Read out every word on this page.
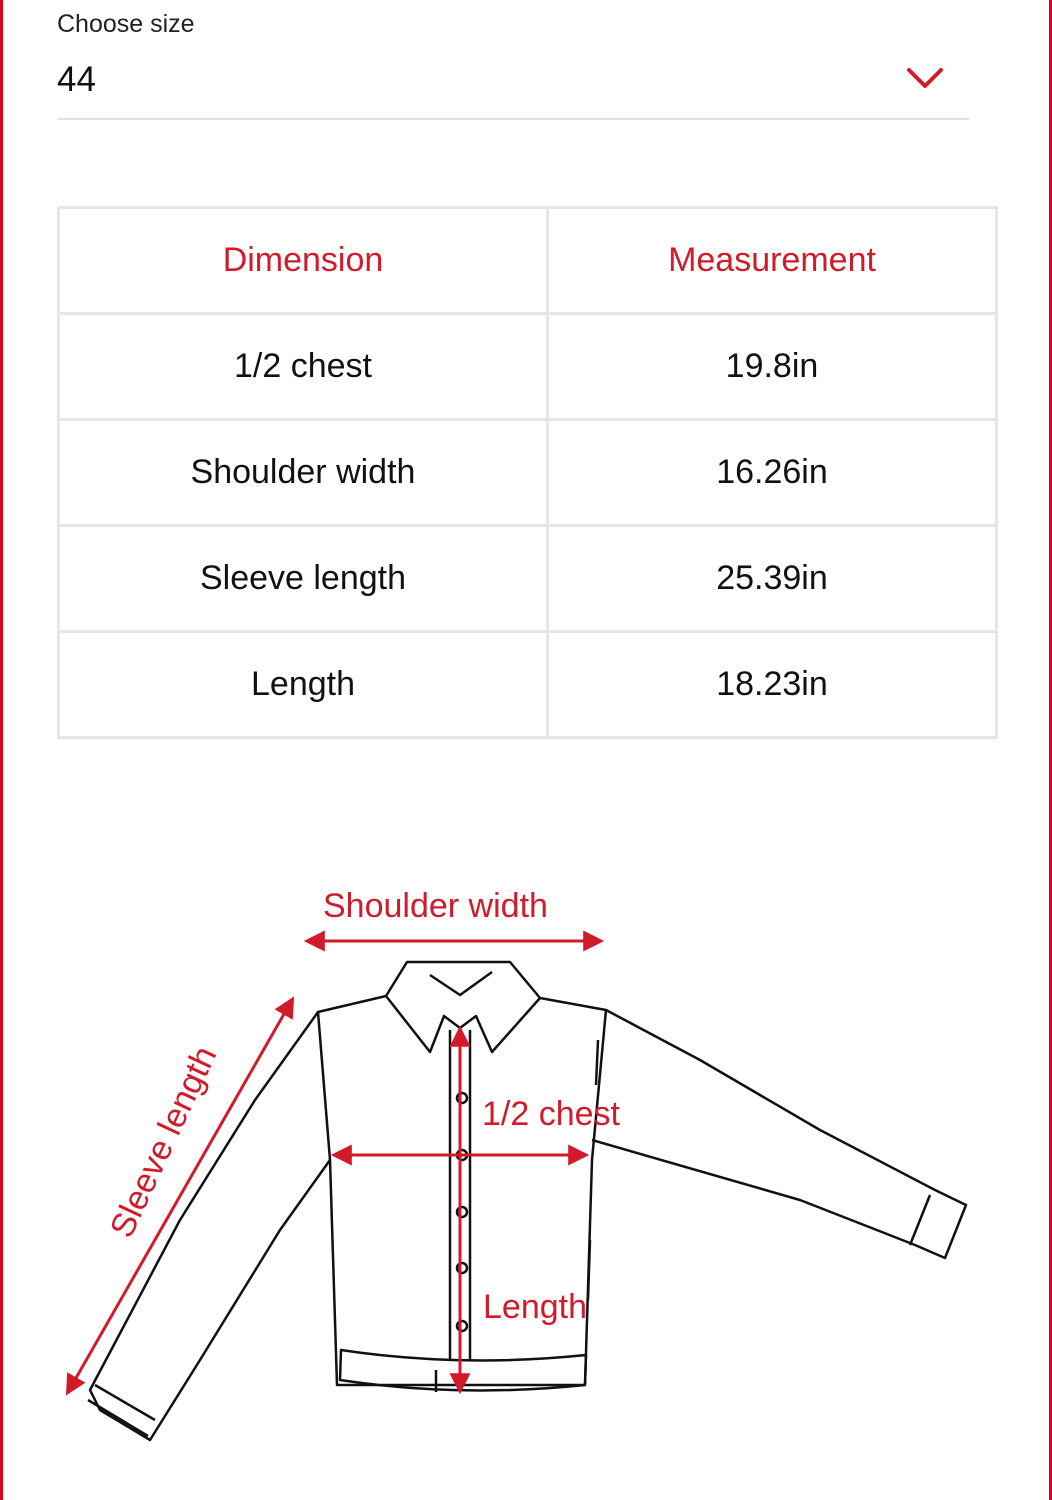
Choose size
44
Dimension	Measurement
1/2 chest	19.8in
Shoulder width	16.26in
Sleeve length	25.39in
Length	18.23in
Shoulder width
1/2 chest
Length
Sleeve length
